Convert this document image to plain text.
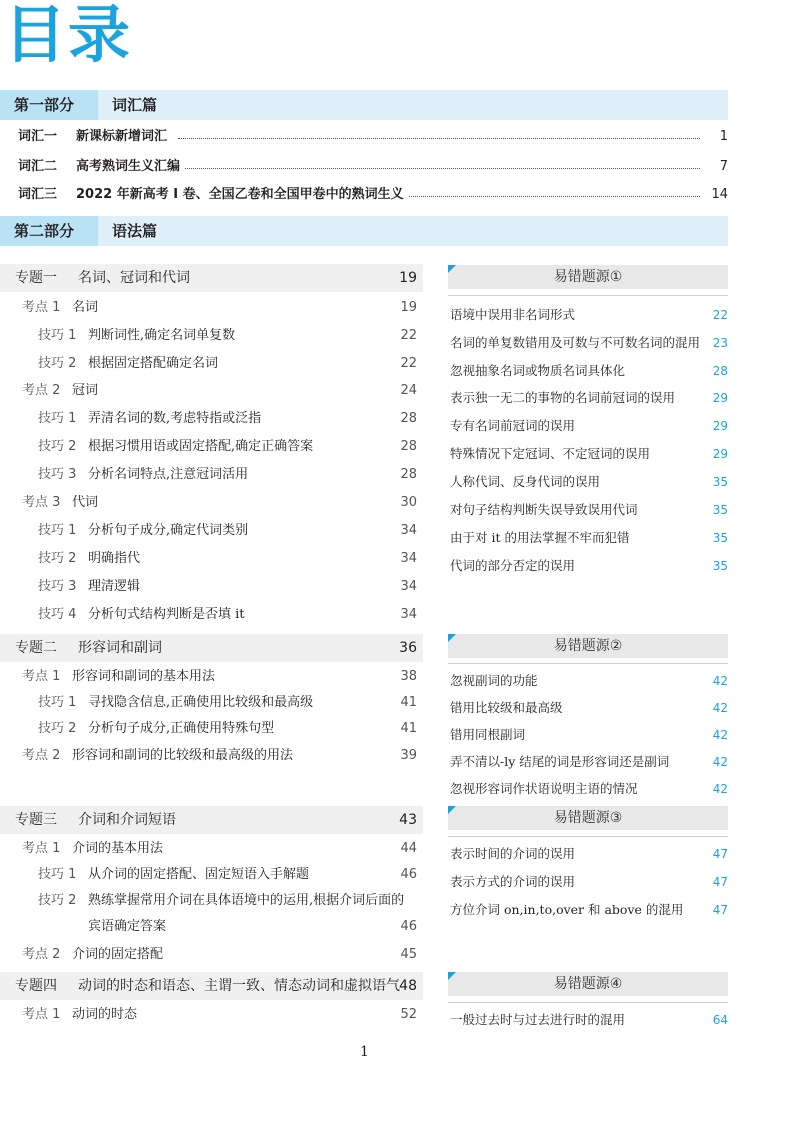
目录
第一部分	词汇篇
词汇一 新课标新增词汇	1
词汇二 高考熟词生义汇编	7
词汇三 2022 年新高考 I 卷、全国乙卷和全国甲卷中的熟词生义	14
第二部分	语法篇
专题一 名词、冠词和代词	19
考点 1 名词	19
技巧 1 判断词性,确定名词单复数	22
技巧 2 根据固定搭配确定名词	22
考点 2 冠词	24
技巧 1 弄清名词的数,考虑特指或泛指	28
技巧 2 根据习惯用语或固定搭配,确定正确答案	28
技巧 3 分析名词特点,注意冠词活用	28
考点 3 代词	30
技巧 1 分析句子成分,确定代词类别	34
技巧 2 明确指代	34
技巧 3 理清逻辑	34
技巧 4 分析句式结构判断是否填 it	34
专题二 形容词和副词	36
考点 1 形容词和副词的基本用法	38
技巧 1 寻找隐含信息,正确使用比较级和最高级	41
技巧 2 分析句子成分,正确使用特殊句型	41
考点 2 形容词和副词的比较级和最高级的用法	39
专题三 介词和介词短语	43
考点 1 介词的基本用法	44
技巧 1 从介词的固定搭配、固定短语入手解题	46
技巧 2 熟练掌握常用介词在具体语境中的运用,根据介词后面的
宾语确定答案	46
考点 2 介词的固定搭配	45
专题四 动词的时态和语态、主谓一致、情态动词和虚拟语气 48
考点 1 动词的时态	52
易错题源①
语境中误用非名词形式	22
名词的单复数错用及可数与不可数名词的混用 23
忽视抽象名词或物质名词具体化	28
表示独一无二的事物的名词前冠词的误用	29
专有名词前冠词的误用	29
特殊情况下定冠词、不定冠词的误用	29
人称代词、反身代词的误用	35
对句子结构判断失误导致误用代词	35
由于对 it 的用法掌握不牢而犯错	35
代词的部分否定的误用	35
易错题源②
忽视副词的功能	42
错用比较级和最高级	42
错用同根副词	42
弄不清以-ly 结尾的词是形容词还是副词	42
忽视形容词作状语说明主语的情况	42
易错题源③
表示时间的介词的误用	47
表示方式的介词的误用	47
方位介词 on,in,to,over 和 above 的混用 47
易错题源④
一般过去时与过去进行时的混用	64
1
